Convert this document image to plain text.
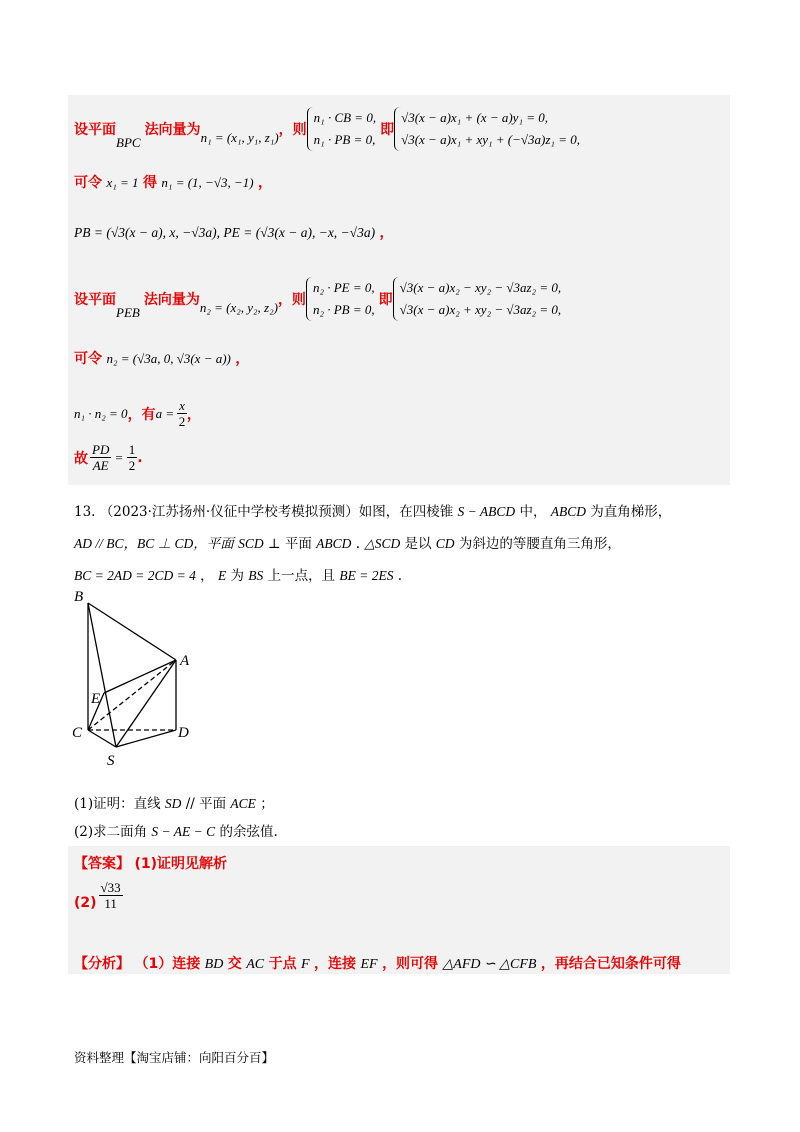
设平面
BPC
法向量为 n₁ = (x₁, y₁, z₁) ，则
n₁ · CB = 0,
n₁ · PB = 0,
即
√3(x − a)x₁ + (x − a)y₁ = 0,
√3(x − a)x₁ + xy₁ + (−√3a)z₁ = 0,
可令 x₁ = 1 得 n₁ = (1, −√3, −1) ，
PB = (√3(x − a), x, −√3a), PE = (√3(x − a), −x, −√3a) ，
设平面
PEB
法向量为 n₂ = (x₂, y₂, z₂) ，则
n₂ · PE = 0,
n₂ · PB = 0,
即
√3(x − a)x₂ − xy₂ − √3az₂ = 0,
√3(x − a)x₂ + xy₂ − √3az₂ = 0,
可令 n₂ = (√3a, 0, √3(x − a)) ，
n₁ · n₂ = 0 ，有 $a = \frac{x}{2}$ ，
故 $\frac{PD}{AE} = \frac{1}{2}$ .
13. （2023·江苏扬州·仪征中学校考模拟预测）如图，在四棱锥 S − ABCD 中， ABCD 为直角梯形，
AD // BC，BC ⊥ CD，平面 SCD ⊥ 平面 ABCD . △SCD 是以 CD 为斜边的等腰直角三角形，
BC = 2AD = 2CD = 4 ， E 为 BS 上一点，且 BE = 2ES .
B
A
E
C	D
S
(1)证明：直线 SD // 平面 ACE ；
(2)求二面角 S − AE − C 的余弦值.
【答案】 (1)证明见解析
$(2) \frac{√33}{11}$
【分析】 （1）连接 BD 交 AC 于点 F ，连接 EF ，则可得 △AFD ∽ △CFB ，再结合已知条件可得
资料整理【淘宝店铺：向阳百分百】
